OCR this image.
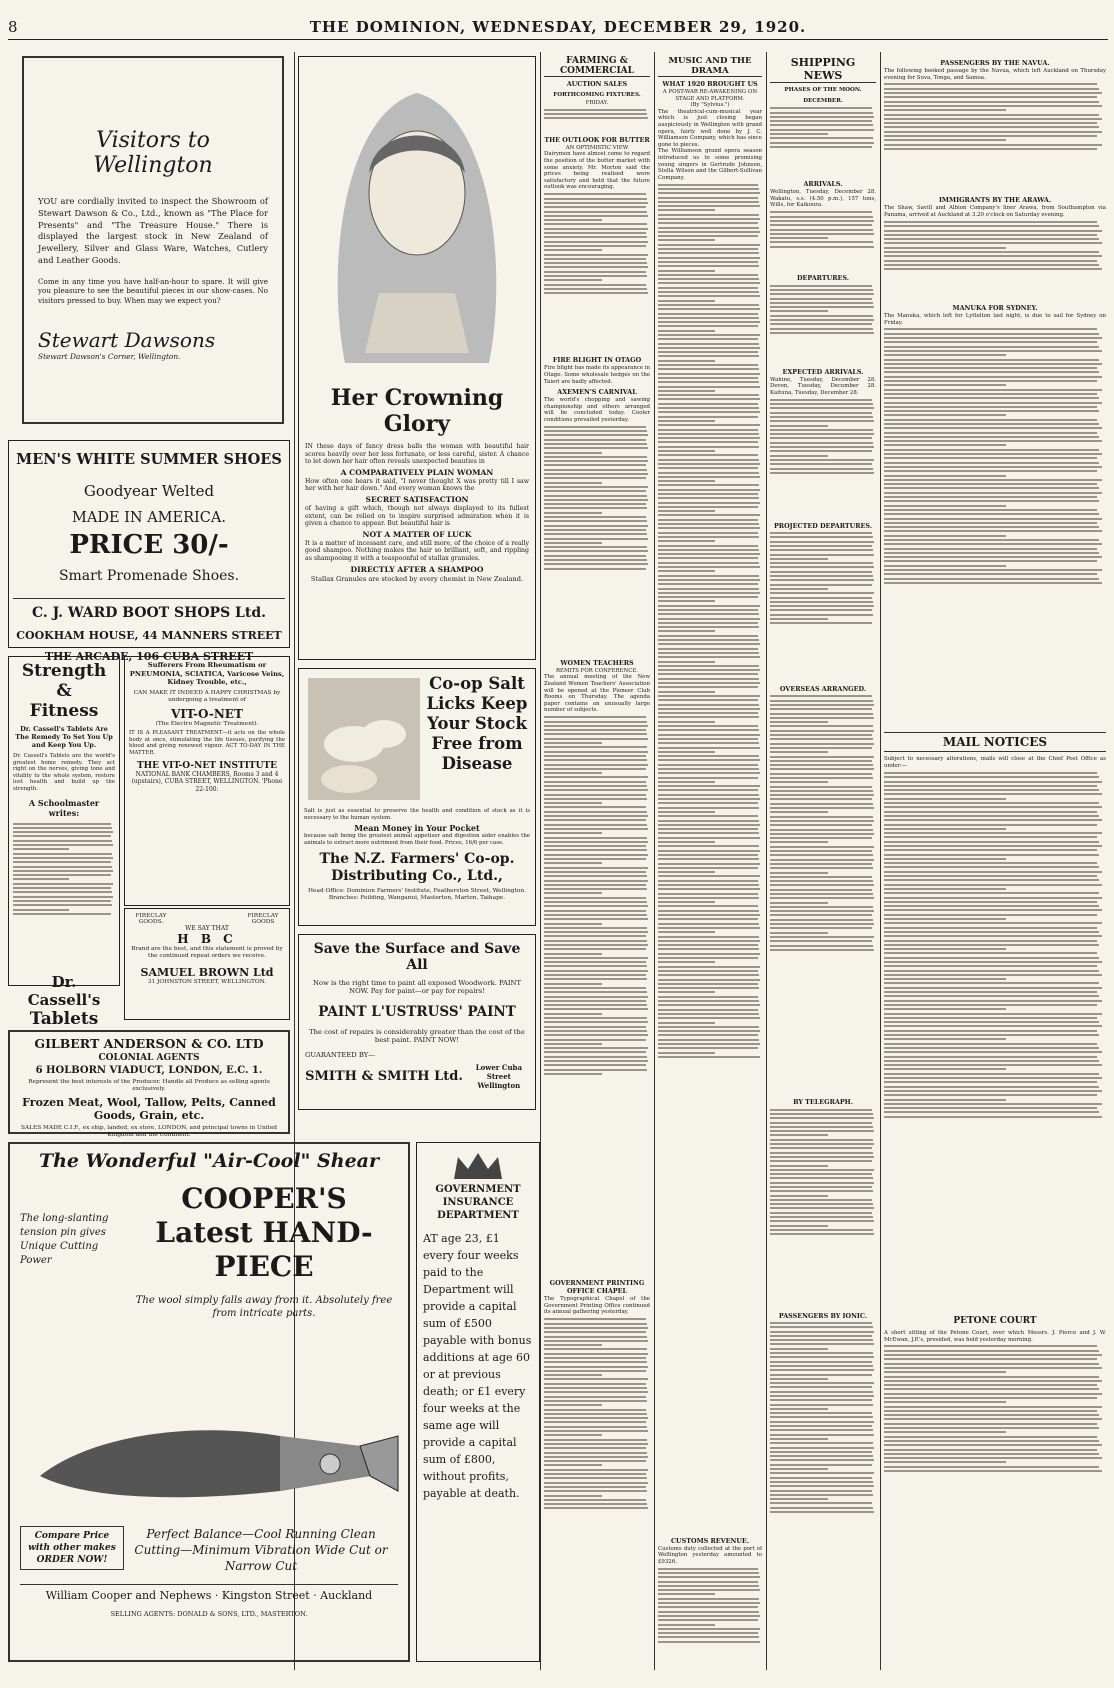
8	THE DOMINION, WEDNESDAY, DECEMBER 29, 1920.
Visitors to Wellington
YOU are cordially invited to inspect the Showroom of Stewart Dawson & Co., Ltd., known as "The Place for Presents" and "The Treasure House." There is displayed the largest stock in New Zealand of Jewellery, Silver and Glass Ware, Watches, Cutlery and Leather Goods.
Come in any time you have half-an-hour to spare. It will give you pleasure to see the beautiful pieces in our show-cases. No visitors pressed to buy. When may we expect you?
Stewart Dawsons
Stewart Dawson's Corner, Wellington.
MEN'S WHITE SUMMER SHOES
Goodyear Welted
MADE IN AMERICA.
PRICE 30/-
Smart Promenade Shoes.
C. J. WARD BOOT SHOPS Ltd.
COOKHAM HOUSE, 44 MANNERS STREET
THE ARCADE, 106 CUBA STREET
Strength &
Fitness
Dr. Cassell's Tablets Are The Remedy To Set You Up and Keep You Up.
Dr. Cassell's Tablets are the world's greatest home remedy. They act right on the nerves, giving tone and vitality to the whole system, restore lost health and build up the strength.
A Schoolmaster writes:
Dr. Cassell's
Tablets
Sufferers From Rheumatism or PNEUMONIA, SCIATICA, Varicose Veins, Kidney Trouble, etc.,
CAN MAKE IT INDEED A HAPPY CHRISTMAS by undergoing a treatment of
VIT-O-NET
(The Electro Magnetic Treatment).
IT IS A PLEASANT TREATMENT—it acts on the whole body at once, stimulating the life tissues, purifying the blood and giving renewed vigour. ACT TO-DAY IN THE MATTER.
THE VIT-O-NET INSTITUTE
NATIONAL BANK CHAMBERS, Rooms 3 and 4 (upstairs), CUBA STREET, WELLINGTON. 'Phone 22-100.
FIRECLAY GOODS.
FIRECLAY GOODS
WE SAY THAT
H B C
Brand are the best, and this statement is proved by the continued repeat orders we receive.
SAMUEL BROWN Ltd
31 JOHNSTON STREET, WELLINGTON.
GILBERT ANDERSON & CO. LTD
COLONIAL AGENTS
6 HOLBORN VIADUCT, LONDON, E.C. 1.
Represent the best interests of the Producer. Handle all Produce as selling agents exclusively.
Frozen Meat, Wool, Tallow, Pelts, Canned Goods, Grain, etc.
SALES MADE C.I.F., ex ship, landed, ex store, LONDON, and principal towns in United Kingdom and the Continent.
The Wonderful "Air-Cool" Shear
The long-slanting tension pin gives Unique Cutting Power
COOPER'S Latest HAND-PIECE
The wool simply falls away from it. Absolutely free from intricate parts.
Compare Price with other makes ORDER NOW!
Perfect Balance—Cool Running Clean Cutting—Minimum Vibration Wide Cut or Narrow Cut
William Cooper and Nephews · Kingston Street · Auckland
SELLING AGENTS: DONALD & SONS, LTD., MASTERTON.
Her Crowning Glory
IN these days of fancy dress balls the woman with beautiful hair scores heavily over her less fortunate, or less careful, sister. A chance to let down her hair often reveals unexpected beauties in
A COMPARATIVELY PLAIN WOMAN
How often one hears it said, "I never thought X was pretty till I saw her with her hair down." And every woman knows the
SECRET SATISFACTION
of having a gift which, though not always displayed to its fullest extent, can be relied on to inspire surprised admiration when it is given a chance to appear. But beautiful hair is
NOT A MATTER OF LUCK
It is a matter of incessant care, and still more, of the choice of a really good shampoo. Nothing makes the hair so brilliant, soft, and rippling as shampooing it with a teaspoonful of stallax granules.
DIRECTLY AFTER A SHAMPOO
Stallax Granules are stocked by every chemist in New Zealand.
Co-op Salt Licks Keep Your Stock Free from Disease
Salt is just as essential to preserve the health and condition of stock as it is necessary to the human system.
Mean Money in Your Pocket
because salt being the greatest animal appetiser and digestion aider enables the animals to extract more nutriment from their food. Prices, 16/6 per case.
The N.Z. Farmers' Co-op. Distributing Co., Ltd.,
Head Office: Dominion Farmers' Institute, Featherston Street, Wellington. Branches: Feilding, Wanganui, Masterton, Marton, Taihape.
Save the Surface and Save All
Now is the right time to paint all exposed Woodwork. PAINT NOW. Pay for paint—or pay for repairs!
PAINT L'USTRUSS' PAINT
The cost of repairs is considerably greater than the cost of the best paint. PAINT NOW!
GUARANTEED BY—
SMITH & SMITH Ltd.
Lower Cuba Street Wellington
GOVERNMENT INSURANCE DEPARTMENT
AT age 23, £1 every four weeks paid to the Department will provide a capital sum of £500 payable with bonus additions at age 60 or at previous death; or £1 every four weeks at the same age will provide a capital sum of £800, without profits, payable at death.
FARMING & COMMERCIAL
AUCTION SALES
FORTHCOMING FIXTURES.
FRIDAY.
THE OUTLOOK FOR BUTTER
AN OPTIMISTIC VIEW
Dairymen have almost come to regard the position of the butter market with some anxiety. Mr. Morton said the prices being realised were satisfactory and held that the future outlook was encouraging.
FIRE BLIGHT IN OTAGO
Fire blight has made its appearance in Otago. Some wholesale hedges on the Taieri are badly affected.
AXEMEN'S CARNIVAL
The world's chopping and sawing championship and others arranged will be concluded today. Cooler conditions prevailed yesterday.
WOMEN TEACHERS
REMITS FOR CONFERENCE.
The annual meeting of the New Zealand Women Teachers' Association will be opened at the Pioneer Club Rooms on Thursday. The agenda paper contains an unusually large number of subjects.
GOVERNMENT PRINTING OFFICE CHAPEL
The Typographical Chapel of the Government Printing Office continued its annual gathering yesterday.
MUSIC AND THE DRAMA
WHAT 1920 BROUGHT US
A POST-WAR RE-AWAKENING ON STAGE AND PLATFORM.
(By "Sylvius.")
The theatrical-cum-musical year which is just closing began auspiciously in Wellington with grand opera, fairly well done by J. C. Williamson Company, which has since gone to pieces.
The Williamson grand opera season introduced us to some promising young singers in Gertrude Johnson, Stella Wilson and the Gilbert-Sullivan Company.
CUSTOMS REVENUE.
Customs duty collected at the port of Wellington yesterday amounted to £9326.
SHIPPING NEWS
PHASES OF THE MOON.
DECEMBER.
ARRIVALS.
Wellington, Tuesday, December 28. Wakatu, s.s. (4.50 p.m.), 157 tons, Wills, for Kaikoura.
DEPARTURES.
EXPECTED ARRIVALS.
Wahine, Tuesday, December 28. Devon, Tuesday, December 28. Kaituna, Tuesday, December 28.
PROJECTED DEPARTURES.
OVERSEAS ARRANGED.
BY TELEGRAPH.
PASSENGERS BY IONIC.
PASSENGERS BY THE NAVUA.
The following booked passage by the Navua, which left Auckland on Thursday evening for Suva, Tonga, and Samoa.
IMMIGRANTS BY THE ARAWA.
The Shaw, Savill and Albion Company's liner Arawa, from Southampton via Panama, arrived at Auckland at 3.20 o'clock on Saturday evening.
MANUKA FOR SYDNEY.
The Manuka, which left for Lyttelton last night, is due to sail for Sydney on Friday.
MAIL NOTICES
Subject to necessary alterations, mails will close at the Chief Post Office as under:—
PETONE COURT
A short sitting of the Petone Court, over which Messrs. J. Pierce and J. W. McEwan, J.P.'s, presided, was held yesterday morning.
